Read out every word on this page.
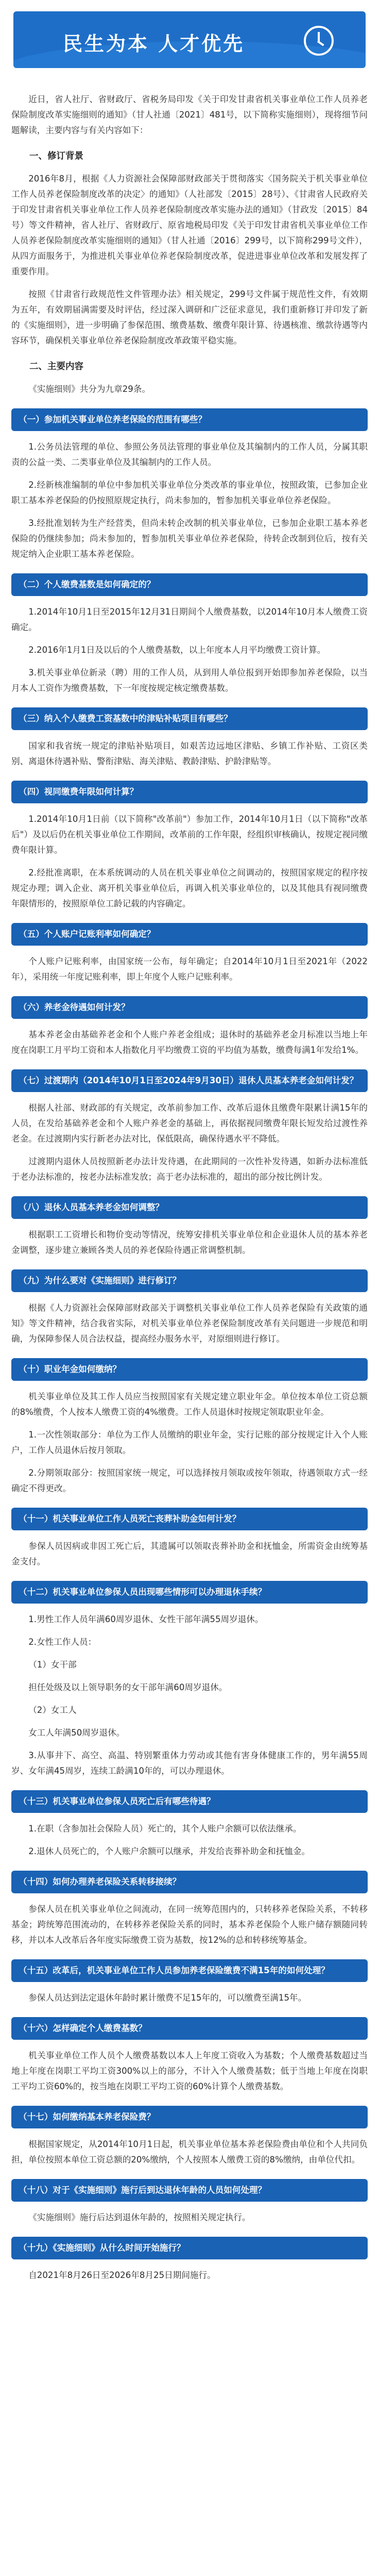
民生为本 人才优先

近日，省人社厅、省财政厅、省税务局印发《关于印发甘肃省机关事业单位工作人员养老保险制度改革实施细则的通知》（甘人社通〔2021〕481号，以下简称实施细则），现将细节问题解读，主要内容与有关内容如下：

一、修订背景

2016年8月，根据《人力资源社会保障部财政部关于贯彻落实〈国务院关于机关事业单位工作人员养老保险制度改革的决定〉的通知》（人社部发〔2015〕28号）、《甘肃省人民政府关于印发甘肃省机关事业单位工作人员养老保险制度改革实施办法的通知》（甘政发〔2015〕84号）等文件精神，省人社厅、省财政厅、原省地税局印发《关于印发甘肃省机关事业单位工作人员养老保险制度改革实施细则的通知》（甘人社通〔2016〕299号，以下简称299号文件），从四方面服务于，为推进机关事业单位养老保险制度改革，促进进事业单位改革和发展发挥了重要作用。

按照《甘肃省行政规范性文件管理办法》相关规定，299号文件属于规范性文件，有效期为五年，有效期届满需要及时评估，经过深入调研和广泛征求意见，我们重新修订并印发了新的《实施细则》，进一步明确了参保范围、缴费基数、缴费年限计算、待遇核准、缴款待遇等内容环节，确保机关事业单位养老保险制度改革政策平稳实施。

二、主要内容

《实施细则》共分为九章29条。

（一）参加机关事业单位养老保险的范围有哪些？

1.公务员法管理的单位、参照公务员法管理的事业单位及其编制内的工作人员，分属其职责的公益一类、二类事业单位及其编制内的工作人员。

2.经新核准编制的单位中参加机关事业单位分类改革的事业单位，按照政策，已参加企业职工基本养老保险的仍按照原规定执行，尚未参加的，暂参加机关事业单位养老保险。

3.经批准划转为生产经营类，但尚未转企改制的机关事业单位，已参加企业职工基本养老保险的仍继续参加；尚未参加的，暂参加机关事业单位养老保险，待转企改制到位后，按有关规定纳入企业职工基本养老保险。

（二）个人缴费基数是如何确定的？

1.2014年10月1日至2015年12月31日期间个人缴费基数，以2014年10月本人缴费工资确定。

2.2016年1月1日及以后的个人缴费基数，以上年度本人月平均缴费工资计算。

3.机关事业单位新录（聘）用的工作人员，从到用人单位报到开始即参加养老保险，以当月本人工资作为缴费基数，下一年度按规定核定缴费基数。

（三）纳入个人缴费工资基数中的津贴补贴项目有哪些？

国家和我省统一规定的津贴补贴项目，如艰苦边远地区津贴、乡镇工作补贴、工资区类别、离退休待遇补贴、警衔津贴、海关津贴、教龄津贴、护龄津贴等。

（四）视同缴费年限如何计算？

1.2014年10月1日前（以下简称"改革前"）参加工作，2014年10月1日（以下简称"改革后"）及以后仍在机关事业单位工作期间，改革前的工作年限，经组织审核确认，按规定视同缴费年限计算。

2.经批准离职，在本系统调动的人员在机关事业单位之间调动的，按照国家规定的程序按规定办理；调入企业、离开机关事业单位后，再调入机关事业单位的，以及其他具有视同缴费年限情形的，按照原单位工龄记载的内容确定。

（五）个人账户记账利率如何确定？

个人账户记账利率，由国家统一公布，每年确定；自2014年10月1日至2021年（2022年），采用统一年度记账利率，即上年度个人账户记账利率。

（六）养老金待遇如何计发？

基本养老金由基础养老金和个人账户养老金组成；退休时的基础养老金月标准以当地上年度在岗职工月平均工资和本人指数化月平均缴费工资的平均值为基数，缴费每满1年发给1%。

（七）过渡期内（2014年10月1日至2024年9月30日）退休人员基本养老金如何计发？

根据人社部、财政部的有关规定，改革前参加工作、改革后退休且缴费年限累计满15年的人员，在发给基础养老金和个人账户养老金的基础上，再依据视同缴费年限长短发给过渡性养老金。在过渡期内实行新老办法对比，保低限高，确保待遇水平不降低。

过渡期内退休人员按照新老办法计发待遇，在此期间的一次性补发待遇，如新办法标准低于老办法标准的，按老办法标准发放；高于老办法标准的，超出的部分按比例计发。

（八）退休人员基本养老金如何调整？

根据职工工资增长和物价变动等情况，统筹安排机关事业单位和企业退休人员的基本养老金调整，逐步建立兼顾各类人员的养老保险待遇正常调整机制。

（九）为什么要对《实施细则》进行修订？

根据《人力资源社会保障部财政部关于调整机关事业单位工作人员养老保险有关政策的通知》等文件精神，结合我省实际，对机关事业单位养老保险制度改革有关问题进一步规范和明确，为保障参保人员合法权益，提高经办服务水平，对原细则进行修订。

（十）职业年金如何缴纳？

机关事业单位及其工作人员应当按照国家有关规定建立职业年金。单位按本单位工资总额的8%缴费，个人按本人缴费工资的4%缴费。工作人员退休时按规定领取职业年金。

1.一次性领取部分：单位为工作人员缴纳的职业年金，实行记账的部分按规定计入个人账户，工作人员退休后按月领取。

2.分期领取部分：按照国家统一规定，可以选择按月领取或按年领取，待遇领取方式一经确定不得更改。

（十一）机关事业单位工作人员死亡丧葬补助金如何计发？

参保人员因病或非因工死亡后，其遗属可以领取丧葬补助金和抚恤金，所需资金由统筹基金支付。

（十二）机关事业单位参保人员出现哪些情形可以办理退休手续？

1.男性工作人员年满60周岁退休、女性干部年满55周岁退休。

2.女性工作人员：

（1）女干部

担任处级及以上领导职务的女干部年满60周岁退休。

（2）女工人

女工人年满50周岁退休。

3.从事井下、高空、高温、特别繁重体力劳动或其他有害身体健康工作的，男年满55周岁、女年满45周岁，连续工龄满10年的，可以办理退休。

（十三）机关事业单位参保人员死亡后有哪些待遇？

1.在职（含参加社会保险人员）死亡的，其个人账户余额可以依法继承。

2.退休人员死亡的，个人账户余额可以继承，并发给丧葬补助金和抚恤金。

（十四）如何办理养老保险关系转移接续？

参保人员在机关事业单位之间流动，在同一统筹范围内的，只转移养老保险关系，不转移基金；跨统筹范围流动的，在转移养老保险关系的同时，基本养老保险个人账户储存额随同转移，并以本人改革后各年度实际缴费工资为基数，按12%的总和转移统筹基金。

（十五）改革后，机关事业单位工作人员参加养老保险缴费不满15年的如何处理？

参保人员达到法定退休年龄时累计缴费不足15年的，可以缴费至满15年。

（十六）怎样确定个人缴费基数？

机关事业单位工作人员个人缴费基数以本人上年度工资收入为基数；个人缴费基数超过当地上年度在岗职工平均工资300%以上的部分，不计入个人缴费基数；低于当地上年度在岗职工平均工资60%的，按当地在岗职工平均工资的60%计算个人缴费基数。

（十七）如何缴纳基本养老保险费？

根据国家规定，从2014年10月1日起，机关事业单位基本养老保险费由单位和个人共同负担，单位按照本单位工资总额的20%缴纳，个人按照本人缴费工资的8%缴纳，由单位代扣。

（十八）对于《实施细则》施行后到达退休年龄的人员如何处理？

《实施细则》施行后达到退休年龄的，按照相关规定执行。

（十九）《实施细则》从什么时间开始施行？

自2021年8月26日至2026年8月25日期间施行。
